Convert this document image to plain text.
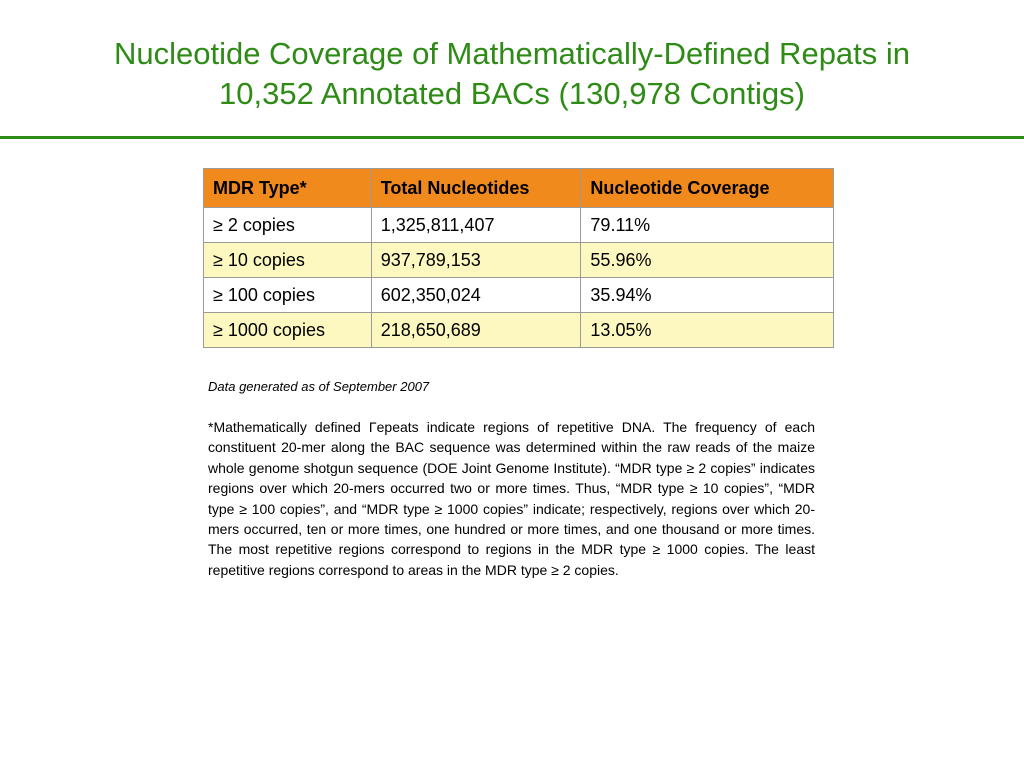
Nucleotide Coverage of Mathematically-Defined Repats in
10,352 Annotated BACs (130,978 Contigs)
MDR Type*	Total Nucleotides	Nucleotide Coverage
≥ 2 copies	1,325,811,407	79.11%
≥ 10 copies	937,789,153	55.96%
≥ 100 copies	602,350,024	35.94%
≥ 1000 copies	218,650,689	13.05%
Data generated as of September 2007
*Mathematically defined Γepeats indicate regions of repetitive DNA. The frequency of each constituent 20-mer along the BAC sequence was determined within the raw reads of the maize whole genome shotgun sequence (DOE Joint Genome Institute). “MDR type ≥ 2 copies” indicates regions over which 20-mers occurred two or more times. Thus, “MDR type ≥ 10 copies”, “MDR type ≥ 100 copies”, and “MDR type ≥ 1000 copies” indicate; respectively, regions over which 20-mers occurred, ten or more times, one hundred or more times, and one thousand or more times. The most repetitive regions correspond to regions in the MDR type ≥ 1000 copies. The least repetitive regions correspond to areas in the MDR type ≥ 2 copies.
